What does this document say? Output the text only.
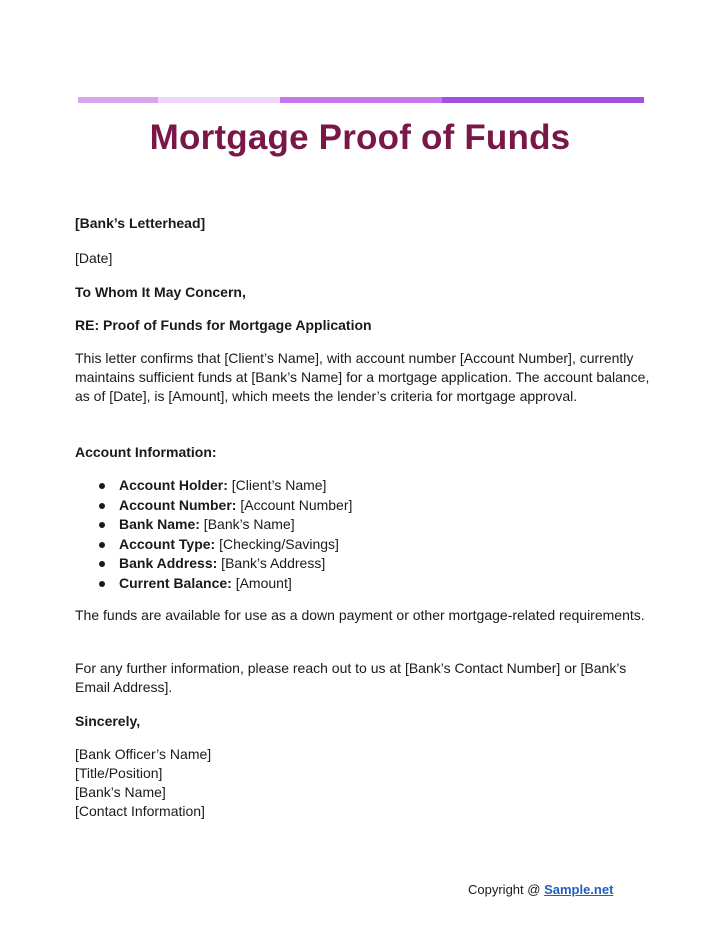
Mortgage Proof of Funds

[Bank’s Letterhead]

[Date]

To Whom It May Concern,

RE: Proof of Funds for Mortgage Application

This letter confirms that [Client’s Name], with account number [Account Number], currently maintains sufficient funds at [Bank’s Name] for a mortgage application. The account balance, as of [Date], is [Amount], which meets the lender’s criteria for mortgage approval.

Account Information:

Account Holder: [Client’s Name]
Account Number: [Account Number]
Bank Name: [Bank’s Name]
Account Type: [Checking/Savings]
Bank Address: [Bank’s Address]
Current Balance: [Amount]

The funds are available for use as a down payment or other mortgage-related requirements.

For any further information, please reach out to us at [Bank’s Contact Number] or [Bank’s Email Address].

Sincerely,

[Bank Officer’s Name]
[Title/Position]
[Bank’s Name]
[Contact Information]
Copyright @ Sample.net
